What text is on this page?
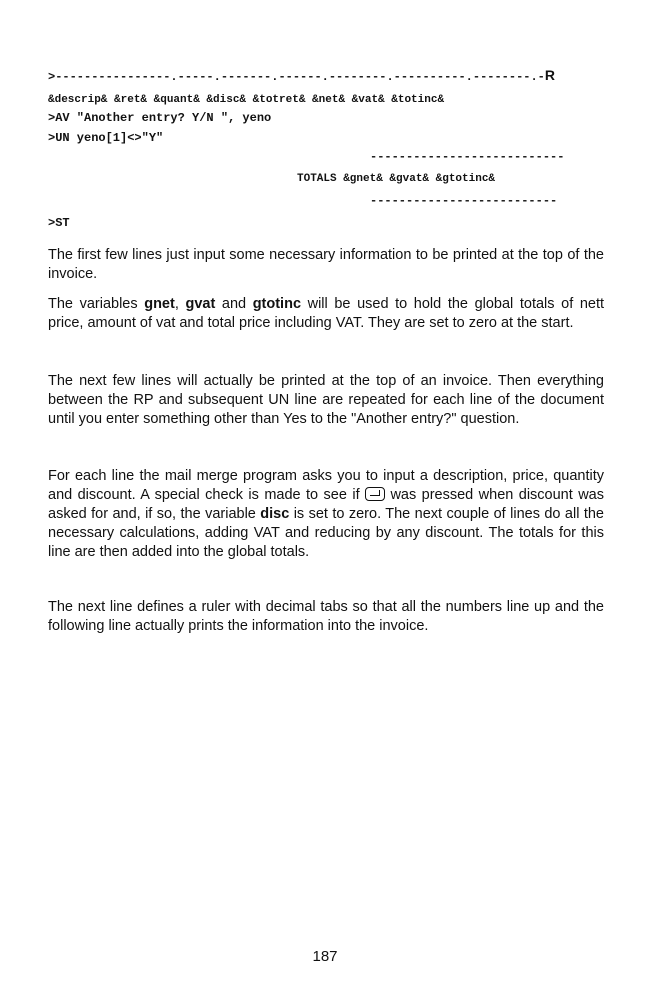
>----------------.-----.-------.------.--------.----------.--------.-R
&descrip& &ret& &quant& &disc& &totret& &net& &vat& &totinc&
>AV "Another entry? Y/N ", yeno
>UN yeno[1]<>"Y"
---------------------------
TOTALS &gnet& &gvat& &gtotinc&
--------------------------
>ST

The first few lines just input some necessary information to be printed at the top of the invoice.

The variables gnet, gvat and gtotinc will be used to hold the global totals of nett price, amount of vat and total price including VAT. They are set to zero at the start.

The next few lines will actually be printed at the top of an invoice. Then everything between the RP and subsequent UN line are repeated for each line of the document until you enter something other than Yes to the "Another entry?" question.

For each line the mail merge program asks you to input a description, price, quantity and discount. A special check is made to see if  was pressed when discount was asked for and, if so, the variable disc is set to zero. The next couple of lines do all the necessary calculations, adding VAT and reducing by any discount. The totals for this line are then added into the global totals.

The next line defines a ruler with decimal tabs so that all the numbers line up and the following line actually prints the information into the invoice.

187
